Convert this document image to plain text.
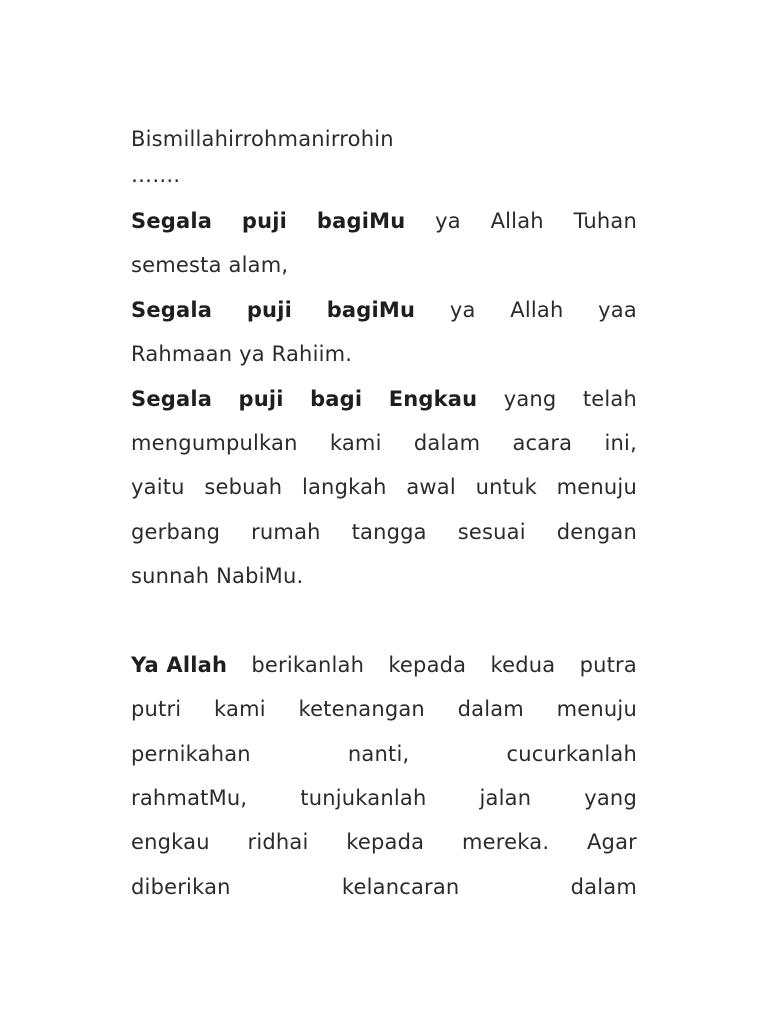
Bismillahirrohmanirrohin
…….
Segala puji bagiMu ya Allah Tuhan
semesta alam,
Segala puji bagiMu ya Allah yaa
Rahmaan ya Rahiim.
Segala puji bagi Engkau yang telah
mengumpulkan kami dalam acara ini,
yaitu sebuah langkah awal untuk menuju
gerbang rumah tangga sesuai dengan
sunnah NabiMu.
Ya Allah berikanlah kepada kedua putra
putri kami ketenangan dalam menuju
pernikahan	nanti,	cucurkanlah
rahmatMu,	tunjukanlah	jalan	yang
engkau ridhai kepada mereka. Agar
diberikan	kelancaran	dalam
